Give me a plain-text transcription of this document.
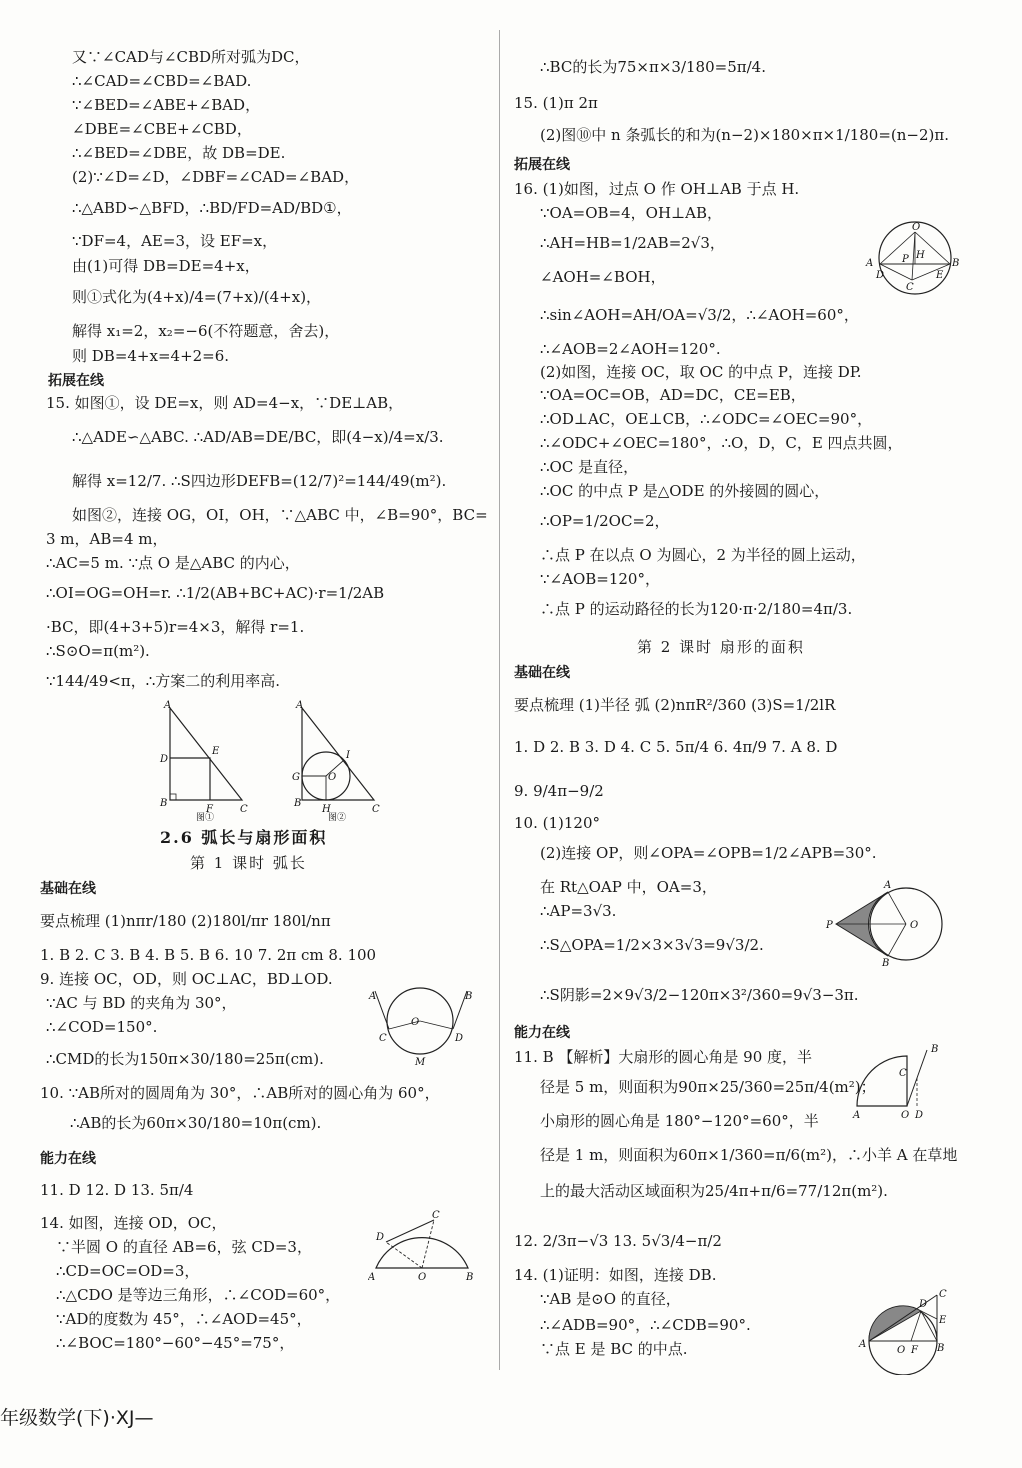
又∵∠CAD与∠CBD所对弧为DC，
∴∠CAD=∠CBD=∠BAD.
∵∠BED=∠ABE+∠BAD，
∠DBE=∠CBE+∠CBD，
∴∠BED=∠DBE，故 DB=DE.
(2)∵∠D=∠D，∠DBF=∠CAD=∠BAD，
∴△ABD∽△BFD，∴BD/FD=AD/BD①，
∵DF=4，AE=3，设 EF=x，
由(1)可得 DB=DE=4+x，
则①式化为(4+x)/4=(7+x)/(4+x)，
解得 x₁=2，x₂=−6(不符题意，舍去)，
则 DB=4+x=4+2=6.
拓展在线
15. 如图①，设 DE=x，则 AD=4−x，∵DE⊥AB，
∴△ADE∽△ABC. ∴AD/AB=DE/BC，即(4−x)/4=x/3.
解得 x=12/7. ∴S四边形DEFB=(12/7)²=144/49(m²).
如图②，连接 OG，OI，OH，∵△ABC 中，∠B=90°，BC=
3 m，AB=4 m，
∴AC=5 m. ∵点 O 是△ABC 的内心，
∴OI=OG=OH=r. ∴1/2(AB+BC+AC)·r=1/2AB
·BC，即(4+3+5)r=4×3，解得 r=1.
∴S⊙O=π(m²).
∵144/49<π，∴方案二的利用率高.
2.6 弧长与扇形面积
第 1 课时 弧长
基础在线
要点梳理 (1)nπr/180 (2)180l/πr 180l/nπ
1. B 2. C 3. B 4. B 5. B 6. 10 7. 2π cm 8. 100
9. 连接 OC，OD，则 OC⊥AC，BD⊥OD.
∵AC 与 BD 的夹角为 30°，
∴∠COD=150°.
∴CMD的长为150π×30/180=25π(cm).
10. ∵AB所对的圆周角为 30°，∴AB所对的圆心角为 60°，
∴AB的长为60π×30/180=10π(cm).
能力在线
11. D 12. D 13. 5π/4
14. 如图，连接 OD，OC，
∵半圆 O 的直径 AB=6，弦 CD=3，
∴CD=OC=OD=3，
∴△CDO 是等边三角形，∴∠COD=60°，
∵AD的度数为 45°，∴∠AOD=45°，
∴∠BOC=180°−60°−45°=75°，
∴BC的长为75×π×3/180=5π/4.
15. (1)π 2π
(2)图⑩中 n 条弧长的和为(n−2)×180×π×1/180=(n−2)π.
拓展在线
16. (1)如图，过点 O 作 OH⊥AB 于点 H.
∵OA=OB=4，OH⊥AB，
∴AH=HB=1/2AB=2√3，
∠AOH=∠BOH，
∴sin∠AOH=AH/OA=√3/2，∴∠AOH=60°，
∴∠AOB=2∠AOH=120°.
(2)如图，连接 OC，取 OC 的中点 P，连接 DP.
∵OA=OC=OB，AD=DC，CE=EB，
∴OD⊥AC，OE⊥CB，∴∠ODC=∠OEC=90°，
∴∠ODC+∠OEC=180°，∴O，D，C，E 四点共圆，
∴OC 是直径，
∴OC 的中点 P 是△ODE 的外接圆的圆心，
∴OP=1/2OC=2，
∴点 P 在以点 O 为圆心，2 为半径的圆上运动，
∵∠AOB=120°，
∴点 P 的运动路径的长为120·π·2/180=4π/3.
第 2 课时 扇形的面积
基础在线
要点梳理 (1)半径 弧 (2)nπR²/360 (3)S=1/2lR
1. D 2. B 3. D 4. C 5. 5π/4 6. 4π/9 7. A 8. D
9. 9/4π−9/2
10. (1)120°
(2)连接 OP，则∠OPA=∠OPB=1/2∠APB=30°.
在 Rt△OAP 中，OA=3，
∴AP=3√3.
∴S△OPA=1/2×3×3√3=9√3/2.
∴S阴影=2×9√3/2−120π×3²/360=9√3−3π.
能力在线
11. B 【解析】大扇形的圆心角是 90 度，半
径是 5 m，则面积为90π×25/360=25π/4(m²)；
小扇形的圆心角是 180°−120°=60°，半
径是 1 m，则面积为60π×1/360=π/6(m²)，∴小羊 A 在草地
上的最大活动区域面积为25/4π+π/6=77/12π(m²).
12. 2/3π−√3 13. 5√3/4−π/2
14. (1)证明：如图，连接 DB.
∵AB 是⊙O 的直径，
∴∠ADB=90°，∴∠CDB=90°.
∵点 E 是 BC 的中点.
A
D
E
B
F	C
图①
A
G
I
O
B
H	C
图②
A	B
C
O
D
M
A	O	B
D
C
O
A
H
B
D
C
E
P
A
P	O
B
B
C
A	O D
A
O F B
C
D
E
年级数学(下)·XJ—
